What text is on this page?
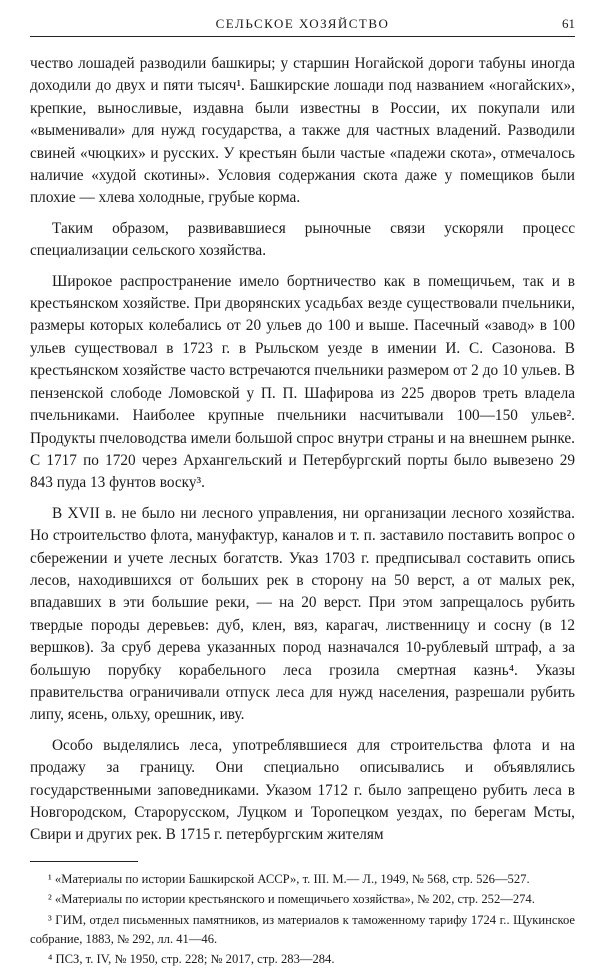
СЕЛЬСКОЕ ХОЗЯЙСТВО	61

чество лошадей разводили башкиры; у старшин Ногайской дороги табуны иногда доходили до двух и пяти тысяч¹. Башкирские лошади под названием «ногайских», крепкие, выносливые, издавна были известны в России, их покупали или «выменивали» для нужд государства, а также для частных владений. Разводили свиней «чюцких» и русских. У крестьян были частые «падежи скота», отмечалось наличие «худой скотины». Условия содержания скота даже у помещиков были плохие — хлева холодные, грубые корма.

Таким образом, развивавшиеся рыночные связи ускоряли процесс специализации сельского хозяйства.

Широкое распространение имело бортничество как в помещичьем, так и в крестьянском хозяйстве. При дворянских усадьбах везде существовали пчельники, размеры которых колебались от 20 ульев до 100 и выше. Пасечный «завод» в 100 ульев существовал в 1723 г. в Рыльском уезде в имении И. С. Сазонова. В крестьянском хозяйстве часто встречаются пчельники размером от 2 до 10 ульев. В пензенской слободе Ломовской у П. П. Шафирова из 225 дворов треть владела пчельниками. Наиболее крупные пчельники насчитывали 100—150 ульев². Продукты пчеловодства имели большой спрос внутри страны и на внешнем рынке. С 1717 по 1720 через Архангельский и Петербургский порты было вывезено 29 843 пуда 13 фунтов воску³.

В XVII в. не было ни лесного управления, ни организации лесного хозяйства. Но строительство флота, мануфактур, каналов и т. п. заставило поставить вопрос о сбережении и учете лесных богатств. Указ 1703 г. предписывал составить опись лесов, находившихся от больших рек в сторону на 50 верст, а от малых рек, впадавших в эти большие реки, — на 20 верст. При этом запрещалось рубить твердые породы деревьев: дуб, клен, вяз, карагач, лиственницу и сосну (в 12 вершков). За сруб дерева указанных пород назначался 10-рублевый штраф, а за большую порубку корабельного леса грозила смертная казнь⁴. Указы правительства ограничивали отпуск леса для нужд населения, разрешали рубить липу, ясень, ольху, орешник, иву.

Особо выделялись леса, употреблявшиеся для строительства флота и на продажу за границу. Они специально описывались и объявлялись государственными заповедниками. Указом 1712 г. было запрещено рубить леса в Новгородском, Старорусском, Луцком и Торопецком уездах, по берегам Мсты, Свири и других рек. В 1715 г. петербургским жителям

¹ «Материалы по истории Башкирской АССР», т. III. М.— Л., 1949, № 568, стр. 526—527.

² «Материалы по истории крестьянского и помещичьего хозяйства», № 202, стр. 252—274.

³ ГИМ, отдел письменных памятников, из материалов к таможенному тарифу 1724 г.. Щукинское собрание, 1883, № 292, лл. 41—46.

⁴ ПСЗ, т. IV, № 1950, стр. 228; № 2017, стр. 283—284.
